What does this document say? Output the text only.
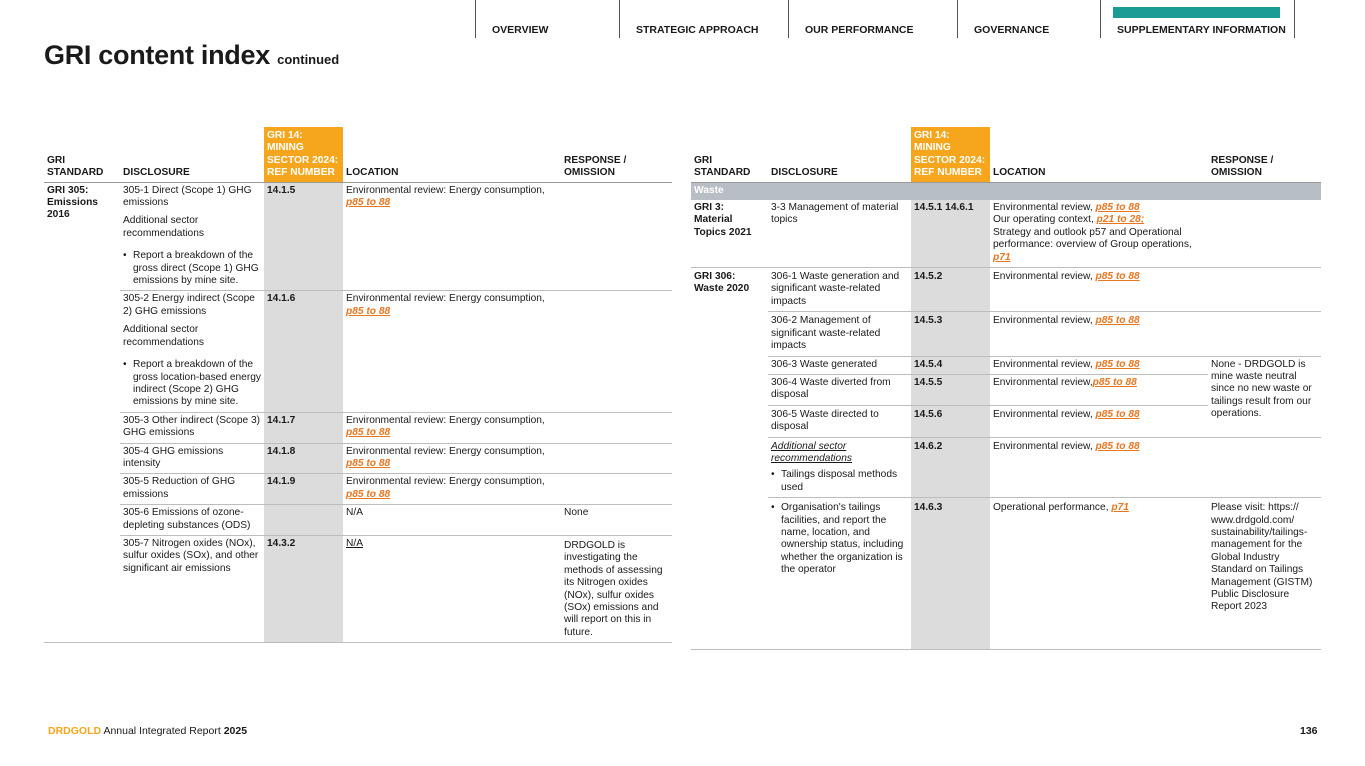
OVERVIEW	STRATEGIC APPROACH	OUR PERFORMANCE	GOVERNANCE	SUPPLEMENTARY INFORMATION
GRI content index continued
GRI STANDARD	DISCLOSURE	GRI 14: MINING SECTOR 2024: REF NUMBER	LOCATION	RESPONSE / OMISSION
GRI 305: Emissions 2016	305-1 Direct (Scope 1) GHG emissions
Additional sector recommendations
• Report a breakdown of the gross direct (Scope 1) GHG emissions by mine site.	14.1.5	Environmental review: Energy consumption, p85 to 88	
	305-2 Energy indirect (Scope 2) GHG emissions
Additional sector recommendations
• Report a breakdown of the gross location-based energy indirect (Scope 2) GHG emissions by mine site.	14.1.6	Environmental review: Energy consumption, p85 to 88	
	305-3 Other indirect (Scope 3) GHG emissions	14.1.7	Environmental review: Energy consumption, p85 to 88	
	305-4 GHG emissions intensity	14.1.8	Environmental review: Energy consumption, p85 to 88	
	305-5 Reduction of GHG emissions	14.1.9	Environmental review: Energy consumption, p85 to 88	
	305-6 Emissions of ozone-depleting substances (ODS)		N/A	None
	305-7 Nitrogen oxides (NOx), sulfur oxides (SOx), and other significant air emissions	14.3.2	N/A	DRDGOLD is investigating the methods of assessing its Nitrogen oxides (NOx), sulfur oxides (SOx) emissions and will report on this in future.
GRI STANDARD	DISCLOSURE	GRI 14: MINING SECTOR 2024: REF NUMBER	LOCATION	RESPONSE / OMISSION
Waste				
GRI 3: Material Topics 2021	3-3 Management of material topics	14.5.1 14.6.1	Environmental review, p85 to 88
Our operating context, p21 to 28;
Strategy and outlook p57 and Operational performance: overview of Group operations, p71	
GRI 306: Waste 2020	306-1 Waste generation and significant waste-related impacts	14.5.2	Environmental review, p85 to 88	
	306-2 Management of significant waste-related impacts	14.5.3	Environmental review, p85 to 88	
	306-3 Waste generated	14.5.4	Environmental review, p85 to 88	None - DRDGOLD is mine waste neutral since no new waste or tailings result from our operations.
	306-4 Waste diverted from disposal	14.5.5	Environmental review,p85 to 88	
	306-5 Waste directed to disposal	14.5.6	Environmental review, p85 to 88	
	Additional sector recommendations
• Tailings disposal methods used	14.6.2	Environmental review, p85 to 88	

	• Organisation's tailings facilities, and report the name, location, and ownership status, including whether the organization is the operator	14.6.3	Operational performance, p71	Please visit: https:// www.drdgold.com/ sustainability/tailings-management for the Global Industry Standard on Tailings Management (GISTM) Public Disclosure Report 2023
DRDGOLD Annual Integrated Report 2025	136
